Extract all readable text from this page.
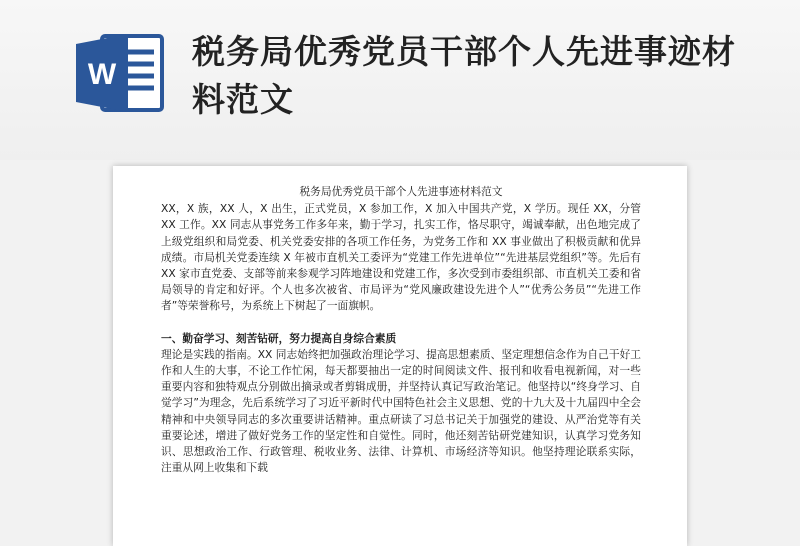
W
税务局优秀党员干部个人先进事迹材料范文

税务局优秀党员干部个人先进事迹材料范文

XX，X 族，XX 人，X 出生，正式党员，X 参加工作，X 加入中国共产党，X 学历。现任 XX，分管 XX 工作。XX 同志从事党务工作多年来，勤于学习，扎实工作，恪尽职守，竭诚奉献，出色地完成了上级党组织和局党委、机关党委安排的各项工作任务，为党务工作和 XX 事业做出了积极贡献和优异成绩。市局机关党委连续 X 年被市直机关工委评为“党建工作先进单位”“先进基层党组织”等。先后有 XX 家市直党委、支部等前来参观学习阵地建设和党建工作，多次受到市委组织部、市直机关工委和省局领导的肯定和好评。个人也多次被省、市局评为“党风廉政建设先进个人”“优秀公务员”“先进工作者”等荣誉称号，为系统上下树起了一面旗帜。

一、勤奋学习、刻苦钻研，努力提高自身综合素质

理论是实践的指南。XX 同志始终把加强政治理论学习、提高思想素质、坚定理想信念作为自己干好工作和人生的大事，不论工作忙闲，每天都要抽出一定的时间阅读文件、报刊和收看电视新闻，对一些重要内容和独特观点分别做出摘录或者剪辑成册，并坚持认真记写政治笔记。他坚持以“终身学习、自觉学习”为理念，先后系统学习了习近平新时代中国特色社会主义思想、党的十九大及十九届四中全会精神和中央领导同志的多次重要讲话精神。重点研读了习总书记关于加强党的建设、从严治党等有关重要论述，增进了做好党务工作的坚定性和自觉性。同时，他还刻苦钻研党建知识，认真学习党务知识、思想政治工作、行政管理、税收业务、法律、计算机、市场经济等知识。他坚持理论联系实际，注重从网上收集和下载
